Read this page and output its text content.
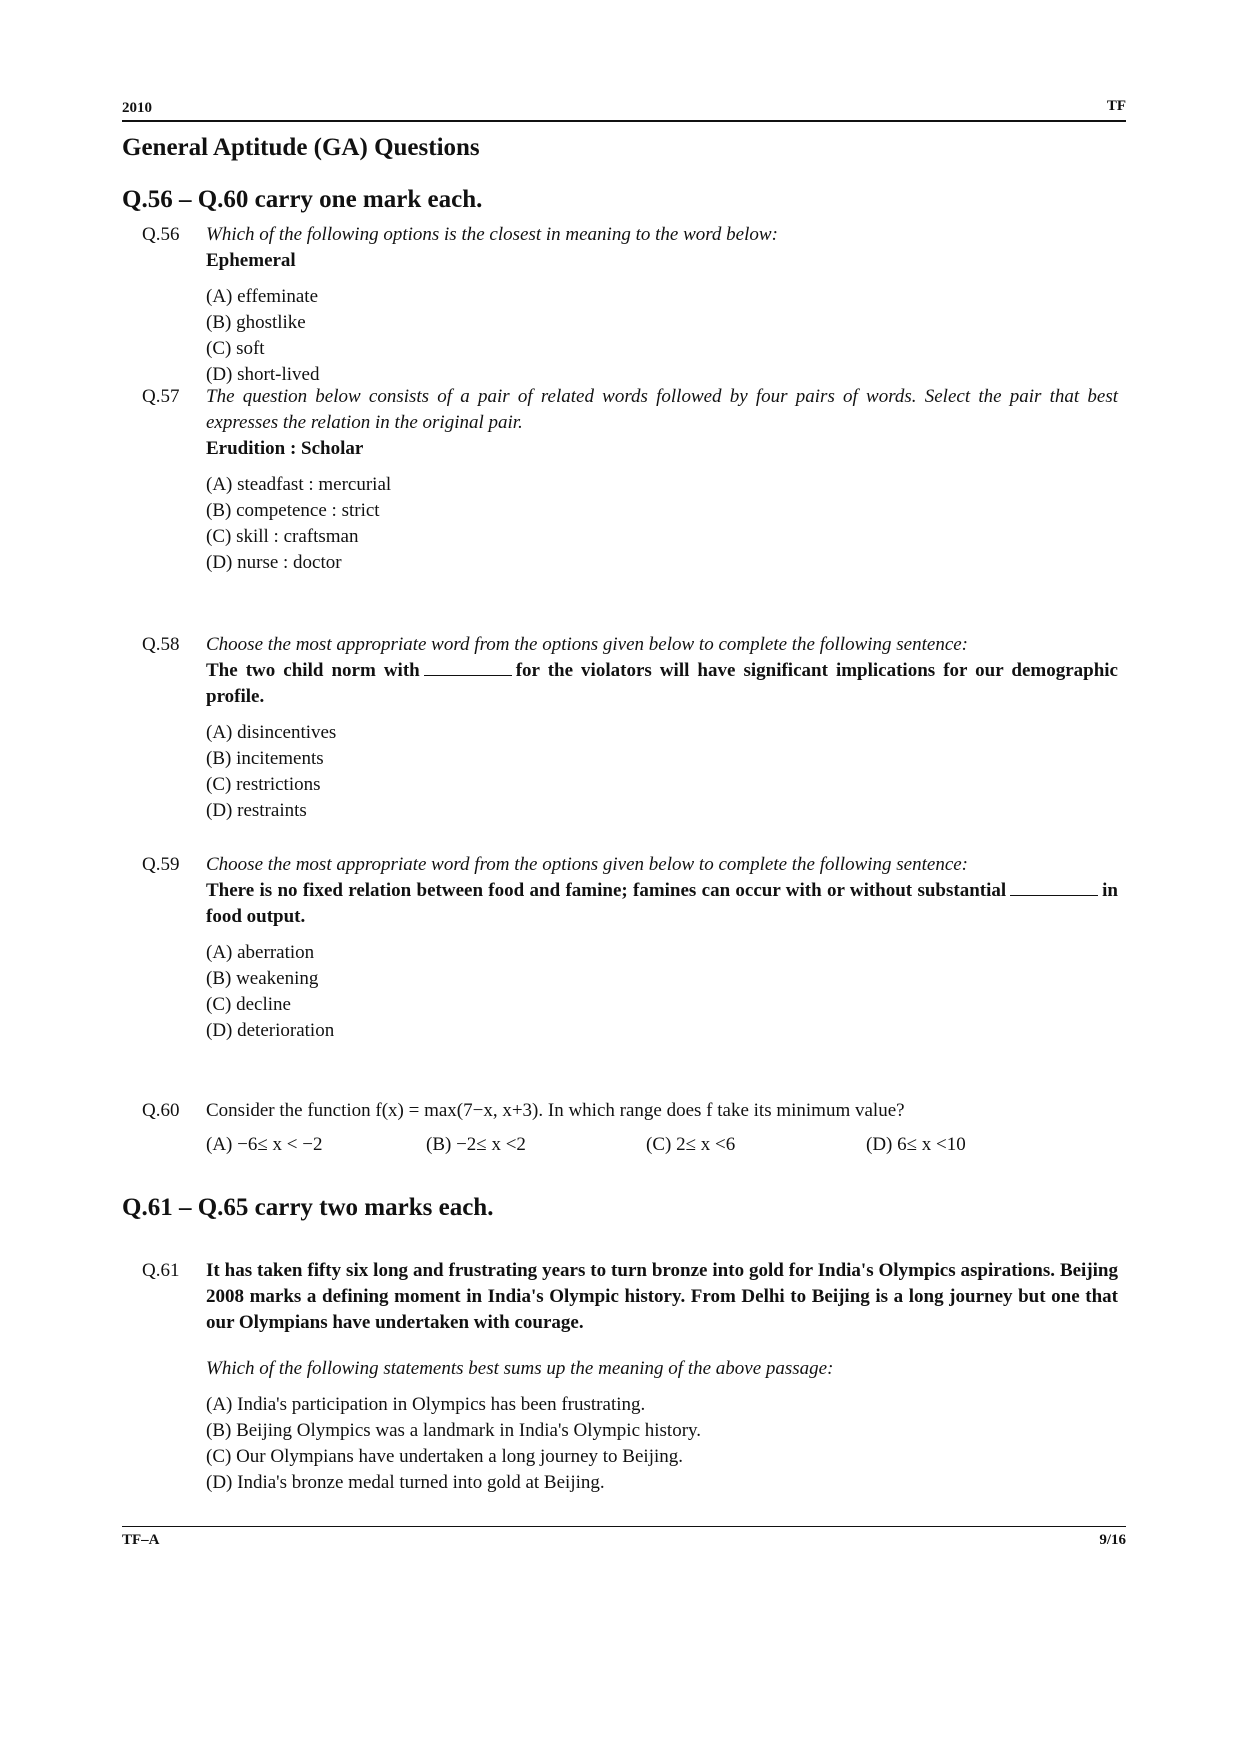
2010	TF
General Aptitude (GA) Questions
Q.56 – Q.60 carry one mark each.
Q.56	Which of the following options is the closest in meaning to the word below:
Ephemeral
(A) effeminate
(B) ghostlike
(C) soft
(D) short-lived
Q.57	The question below consists of a pair of related words followed by four pairs of words. Select the pair that best expresses the relation in the original pair.
Erudition : Scholar
(A) steadfast : mercurial
(B) competence : strict
(C) skill : craftsman
(D) nurse : doctor
Q.58	Choose the most appropriate word from the options given below to complete the following sentence:
The two child norm with	for the violators will have significant implications for our demographic profile.
(A) disincentives
(B) incitements
(C) restrictions
(D) restraints
Q.59	Choose the most appropriate word from the options given below to complete the following sentence:
There is no fixed relation between food and famine; famines can occur with or without substantial	in food output.
(A) aberration
(B) weakening
(C) decline
(D) deterioration
Q.60	Consider the function f(x) = max(7−x, x+3). In which range does f take its minimum value?
(A) −6≤ x < −2	(B) −2≤ x <2	(C) 2≤ x <6	(D) 6≤ x <10
Q.61 – Q.65 carry two marks each.
Q.61	It has taken fifty six long and frustrating years to turn bronze into gold for India's Olympics aspirations. Beijing 2008 marks a defining moment in India's Olympic history. From Delhi to Beijing is a long journey but one that our Olympians have undertaken with courage.
Which of the following statements best sums up the meaning of the above passage:
(A) India's participation in Olympics has been frustrating.
(B) Beijing Olympics was a landmark in India's Olympic history.
(C) Our Olympians have undertaken a long journey to Beijing.
(D) India's bronze medal turned into gold at Beijing.
TF–A	9/16
